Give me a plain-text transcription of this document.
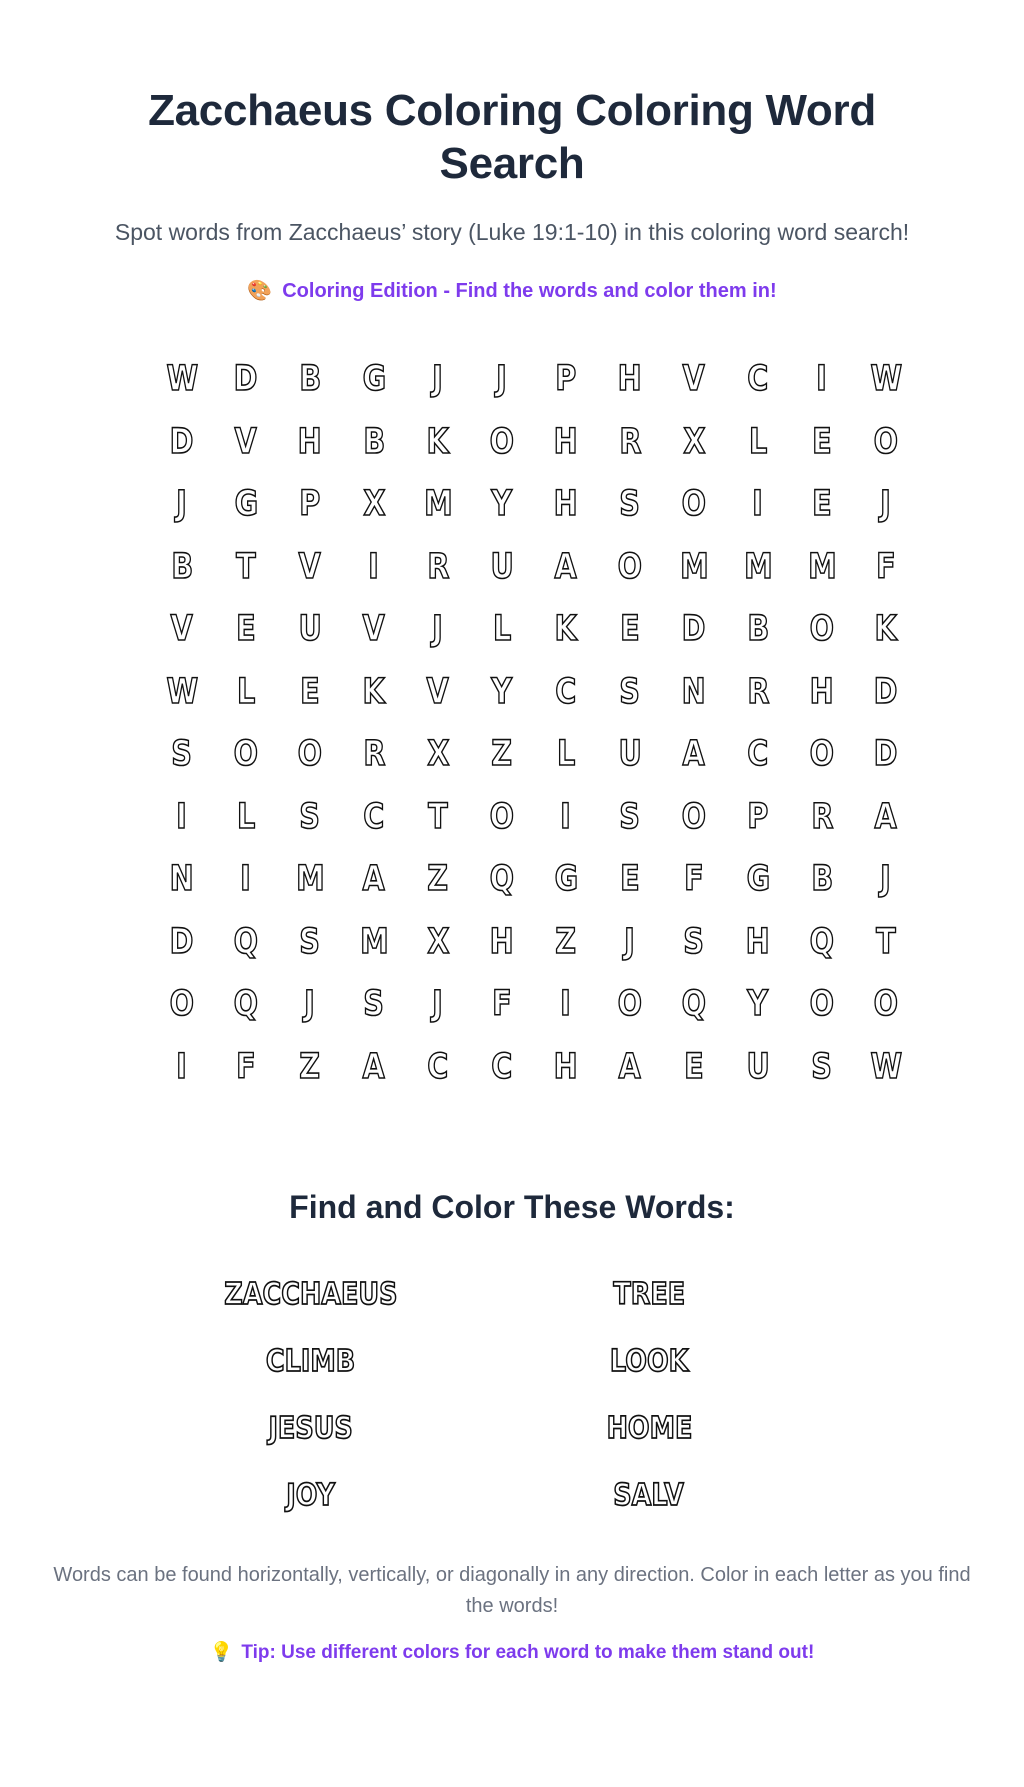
Zacchaeus Coloring Coloring Word Search

Spot words from Zacchaeus’ story (Luke 19:1-10) in this coloring word search!

🎨 Coloring Edition - Find the words and color them in!
W D B G J J P H V C I W
D V H B K O H R X L E O
J G P X M Y H S O I E J
B T V I R U A O M M M F
V E U V J L K E D B O K
W L E K V Y C S N R H D
S O O R X Z L U A C O D
I L S C T O I S O P R A
N I M A Z Q G E F G B J
D Q S M X H Z J S H Q T
O Q J S J F I O Q Y O O
I F Z A C C H A E U S W
Find and Color These Words:
ZACCHAEUS
CLIMB
JESUS
JOY
TREE
LOOK
HOME
SALV

Words can be found horizontally, vertically, or diagonally in any direction. Color in each letter as you find the words!

💡 Tip: Use different colors for each word to make them stand out!
